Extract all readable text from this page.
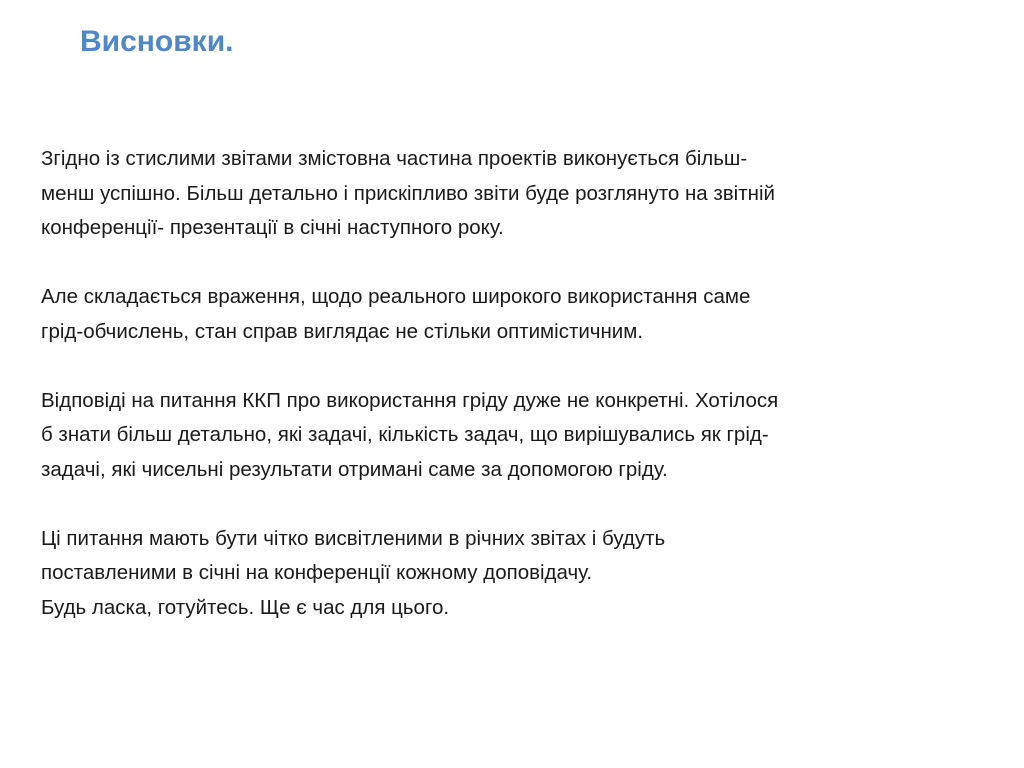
Висновки.

Згідно із стислими звітами змістовна частина проектів виконується більш-
менш успішно. Більш детально і прискіпливо звіти буде розглянуто на звітній
конференції- презентації в січні наступного року.

Але складається враження, щодо реального широкого використання саме
грід-обчислень, стан справ виглядає не стільки оптимістичним.

Відповіді на питання ККП про використання гріду дуже не конкретні. Хотілося
б знати більш детально, які задачі, кількість задач, що вирішувались як грід-
задачі, які чисельні результати отримані саме за допомогою гріду.

Ці питання мають бути чітко висвітленими в річних звітах і будуть
поставленими в січні на конференції кожному доповідачу.
Будь ласка, готуйтесь. Ще є час для цього.
